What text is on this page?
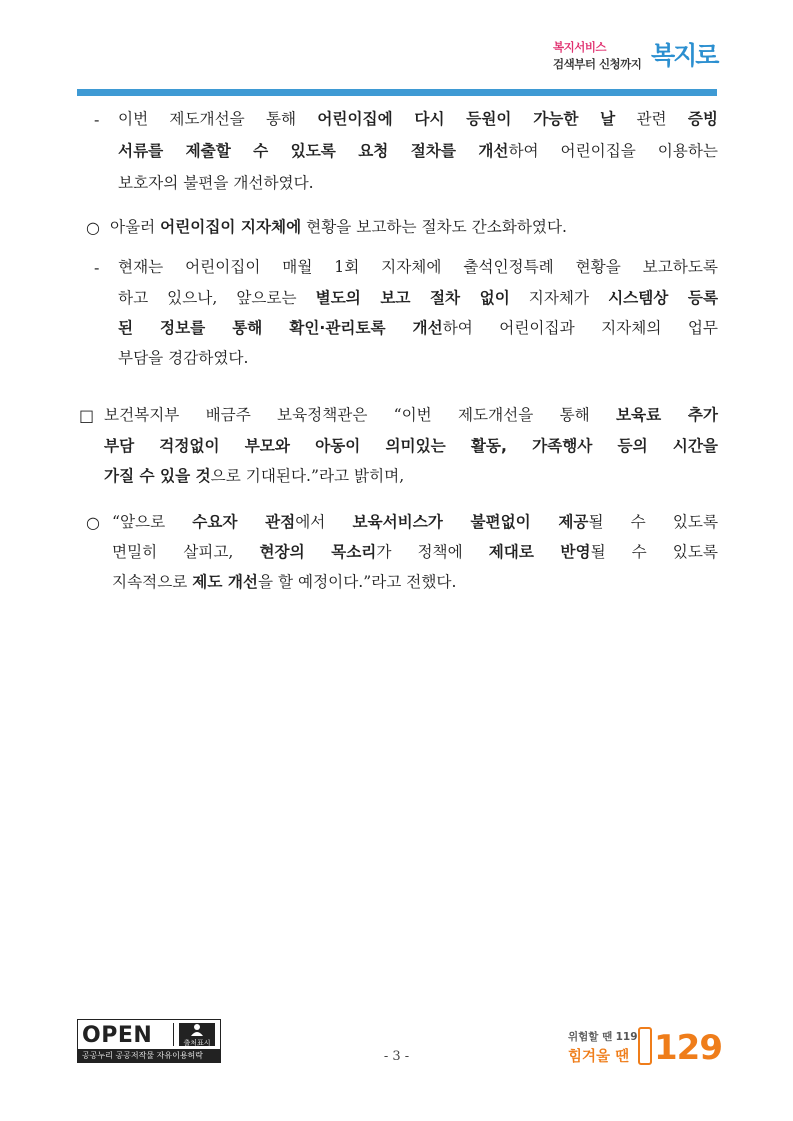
복지서비스
검색부터 신청까지 복지로
- 이번 제도개선을 통해 어린이집에 다시 등원이 가능한 날 관련 증빙
서류를 제출할 수 있도록 요청 절차를 개선하여 어린이집을 이용하는
보호자의 불편을 개선하였다.
○ 아울러 어린이집이 지자체에 현황을 보고하는 절차도 간소화하였다.
- 현재는 어린이집이 매월 1회 지자체에 출석인정특례 현황을 보고하도록
하고 있으나, 앞으로는 별도의 보고 절차 없이 지자체가 시스템상 등록
된 정보를 통해 확인·관리토록 개선하여 어린이집과 지자체의 업무
부담을 경감하였다.
□ 보건복지부 배금주 보육정책관은 “이번 제도개선을 통해 보육료 추가
부담 걱정없이 부모와 아동이 의미있는 활동, 가족행사 등의 시간을
가질 수 있을 것으로 기대된다.”라고 밝히며,
○ “앞으로 수요자 관점에서 보육서비스가 불편없이 제공될 수 있도록
면밀히 살피고, 현장의 목소리가 정책에 제대로 반영될 수 있도록
지속적으로 제도 개선을 할 예정이다.”라고 전했다.
OPEN	출처표시
공공누리 공공저작물 자유이용허락	- 3 -
위험할 땐 119
힘겨울 땐 129
